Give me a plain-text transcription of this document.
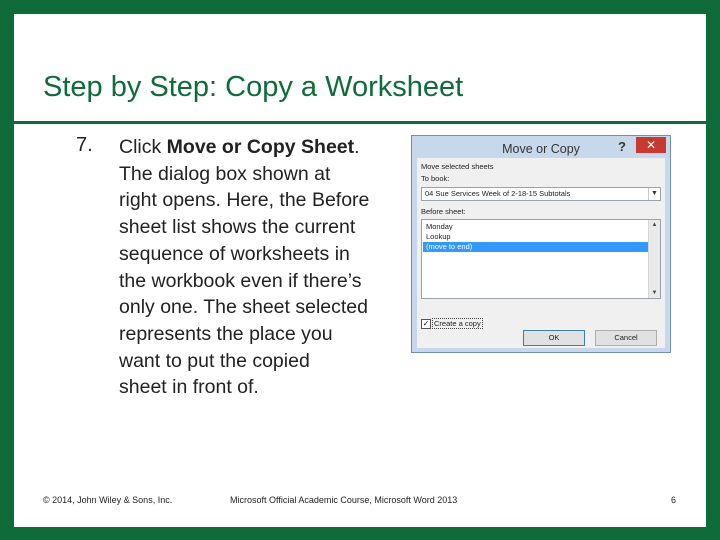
Step by Step: Copy a Worksheet
7. Click Move or Copy Sheet.
The dialog box shown at
right opens. Here, the Before
sheet list shows the current
sequence of worksheets in
the workbook even if there’s
only one. The sheet selected
represents the place you
want to put the copied
sheet in front of.
Move or Copy	?	✕
Move selected sheets
To book:
04 Sue Services Week of 2-18-15 Subtotals	▼
Before sheet:
Monday
Lookup
(move to end)
▲
▼
✓ Create a copy
OK	Cancel
© 2014, John Wiley & Sons, Inc.	Microsoft Official Academic Course, Microsoft Word 2013	6
